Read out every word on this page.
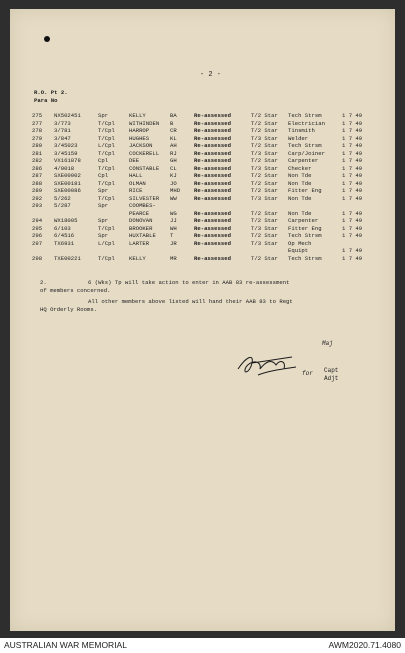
- 2 -
R.O. Pt 2.
Para No
275 NX502451	Spr	KELLY	BA	Re-assessed	T/2 Star Tech Strsm	1 7 49
277 3/773	T/Cpl	WITHINDEN B	Re-assessed	T/2 Star Electrician	1 7 49
278 3/781	T/Cpl	HARROP	CR	Re-assessed	T/2 Star Tinsmith	1 7 49
279 3/847	T/Cpl	HUGHES	KL	Re-assessed	T/3 Star Welder	1 7 49
280 3/45023	L/Cpl	JACKSON	AH	Re-assessed	T/2 Star Tech Strsm	1 7 49
281 3/45159	T/Cpl	COCKERELL RJ	Re-assessed	T/3 Star Carp/Joiner	1 7 49
282 VX161878	Cpl	DEE	GH	Re-assessed	T/2 Star Carpenter	1 7 49
286 4/0018	T/Cpl	CONSTABLE CL	Re-assessed	T/3 Star Checker	1 7 49
287 SXE00002	Cpl	HALL	KJ	Re-assessed	T/2 Star Non Tde	1 7 49
288 SXE00181	T/Cpl	OLMAN	JO	Re-assessed	T/2 Star Non Tde	1 7 49
289 SXE00086	Spr	RICE	MHD Re-assessed	T/2 Star Fitter Eng	1 7 49
292 5/262	T/Cpl	SILVESTER WW	Re-assessed	T/3 Star Non Tde	1 7 49
293 5/287	Spr	COOMBES-
PEARCE	WG	Re-assessed	T/2 Star Non Tde	1 7 49
294 WX18005	Spr	DONOVAN	JJ	Re-assessed	T/2 Star Carpenter	1 7 49
295 6/103	T/Cpl	BROOKER	WH	Re-assessed	T/3 Star Fitter Eng	1 7 49
296 6/4516	Spr	HUXTABLE	T	Re-assessed	T/2 Star Tech Strsm	1 7 49
297 TX6931	L/Cpl	LARTER	JR	Re-assessed	T/3 Star Op Mech
Equipt	1 7 49
298 TXE00221	T/Cpl	KELLY	MR	Re-assessed	T/2 Star Tech Strsm	1 7 49
2.	6 (Wks) Tp will take action to enter in AAB 83 re-assessment
of members concerned.
All other members above listed will hand their AAB 83 to Regt
HQ Orderly Rooms.
Maj
for Capt
Adjt
AUSTRALIAN WAR MEMORIAL	AWM2020.71.4080
